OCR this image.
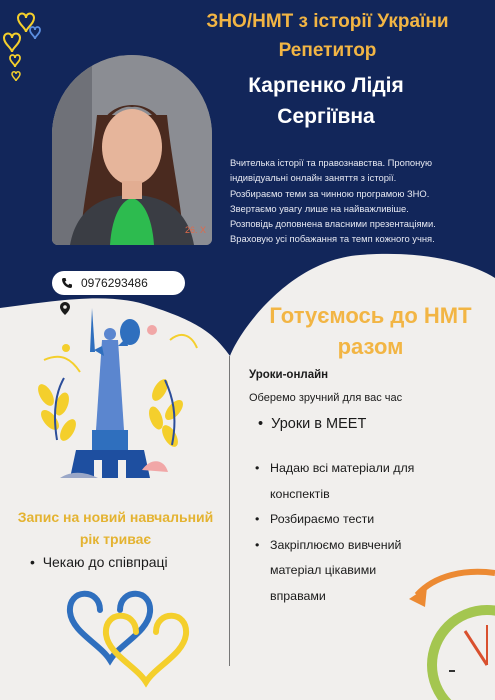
ЗНО/НМТ з історії України
Репетитор
Карпенко Лідія
Сергіївна
26. X
Вчителька історії та правознавства. Пропоную
індивідуальні онлайн заняття з історії.
Розбираємо теми за чинною програмою ЗНО.
Звертаємо увагу лише на найважливіше.
Розповідь доповнена власними презентаціями.
Враховую усі побажання та темп кожного учня.
0976293486
Готуємось до НМТ
разом
Уроки-онлайн
Оберемо зручний для вас час
•  Уроки в MEET
• Надаю всі матеріали для
конспектів
• Розбираємо тести
• Закріплюємо вивчений
матеріал цікавими
вправами
Запис на новий навчальний
рік триває
•  Чекаю до співпраці
